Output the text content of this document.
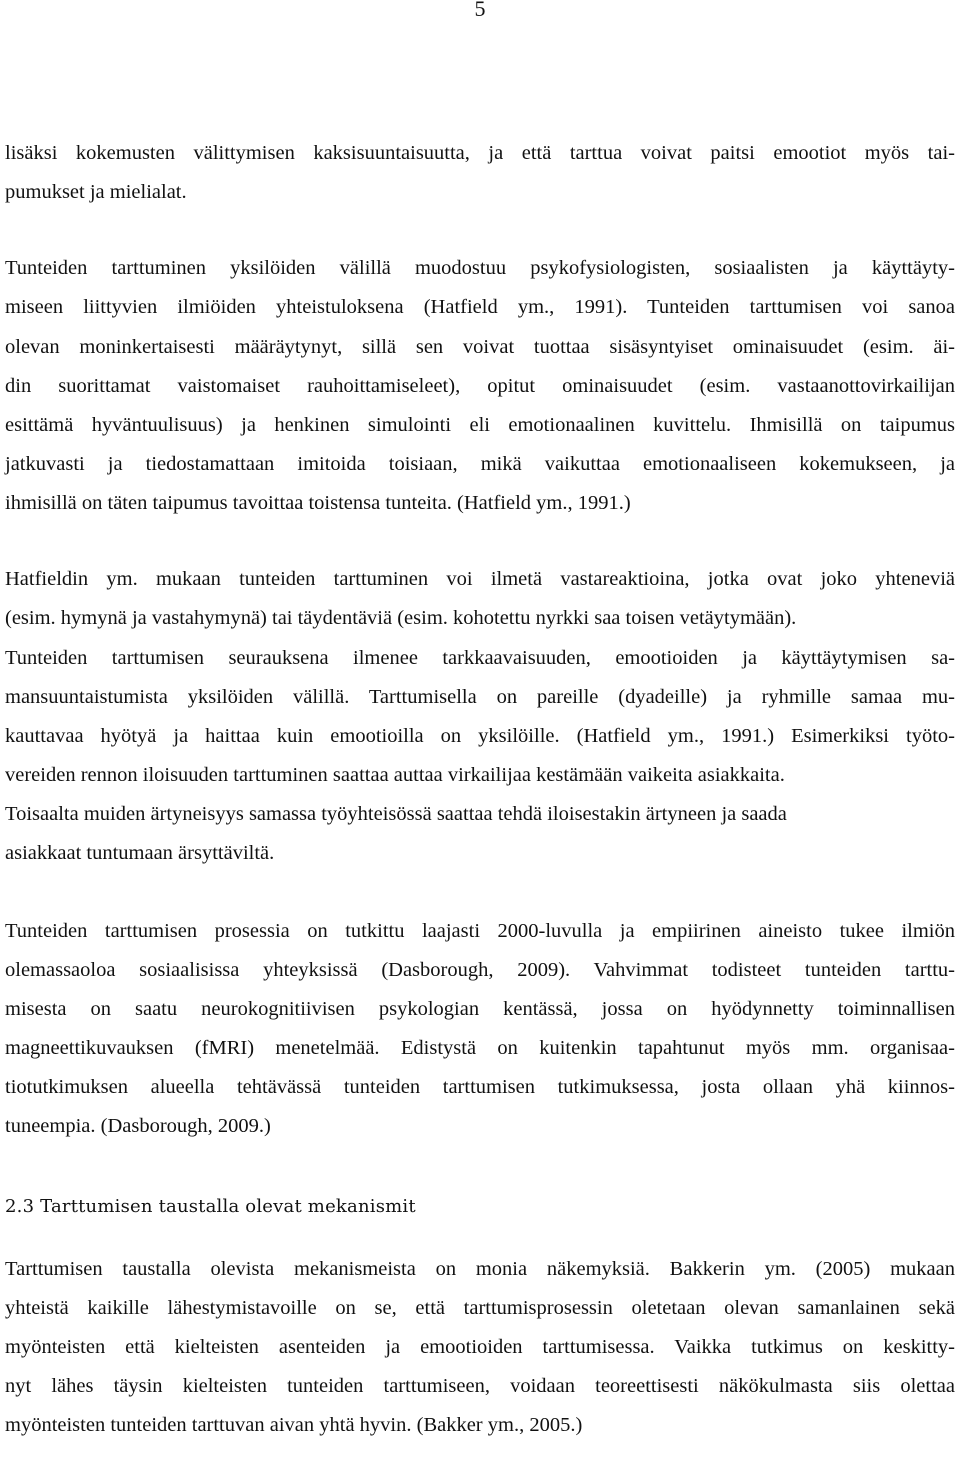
5
lisäksi kokemusten välittymisen kaksisuuntaisuutta, ja että tarttua voivat paitsi emootiot myös tai-
pumukset ja mielialat.
Tunteiden tarttuminen yksilöiden välillä muodostuu psykofysiologisten, sosiaalisten ja käyttäyty-
miseen liittyvien ilmiöiden yhteistuloksena (Hatfield ym., 1991). Tunteiden tarttumisen voi sanoa
olevan moninkertaisesti määräytynyt, sillä sen voivat tuottaa sisäsyntyiset ominaisuudet (esim. äi-
din suorittamat vaistomaiset rauhoittamiseleet), opitut ominaisuudet (esim. vastaanottovirkailijan
esittämä hyväntuulisuus) ja henkinen simulointi eli emotionaalinen kuvittelu. Ihmisillä on taipumus
jatkuvasti ja tiedostamattaan imitoida toisiaan, mikä vaikuttaa emotionaaliseen kokemukseen, ja
ihmisillä on täten taipumus tavoittaa toistensa tunteita. (Hatfield ym., 1991.)
Hatfieldin ym. mukaan tunteiden tarttuminen voi ilmetä vastareaktioina, jotka ovat joko yhteneviä
(esim. hymynä ja vastahymynä) tai täydentäviä (esim. kohotettu nyrkki saa toisen vetäytymään).
Tunteiden tarttumisen seurauksena ilmenee tarkkaavaisuuden, emootioiden ja käyttäytymisen sa-
mansuuntaistumista yksilöiden välillä. Tarttumisella on pareille (dyadeille) ja ryhmille samaa mu-
kauttavaa hyötyä ja haittaa kuin emootioilla on yksilöille. (Hatfield ym., 1991.) Esimerkiksi työto-
vereiden rennon iloisuuden tarttuminen saattaa auttaa virkailijaa kestämään vaikeita asiakkaita.
Toisaalta muiden ärtyneisyys samassa työyhteisössä saattaa tehdä iloisestakin ärtyneen ja saada
asiakkaat tuntumaan ärsyttäviltä.
Tunteiden tarttumisen prosessia on tutkittu laajasti 2000-luvulla ja empiirinen aineisto tukee ilmiön
olemassaoloa sosiaalisissa yhteyksissä (Dasborough, 2009). Vahvimmat todisteet tunteiden tarttu-
misesta on saatu neurokognitiivisen psykologian kentässä, jossa on hyödynnetty toiminnallisen
magneettikuvauksen (fMRI) menetelmää. Edistystä on kuitenkin tapahtunut myös mm. organisaa-
tiotutkimuksen alueella tehtävässä tunteiden tarttumisen tutkimuksessa, josta ollaan yhä kiinnos-
tuneempia. (Dasborough, 2009.)
2.3 Tarttumisen taustalla olevat mekanismit
Tarttumisen taustalla olevista mekanismeista on monia näkemyksiä. Bakkerin ym. (2005) mukaan
yhteistä kaikille lähestymistavoille on se, että tarttumisprosessin oletetaan olevan samanlainen sekä
myönteisten että kielteisten asenteiden ja emootioiden tarttumisessa. Vaikka tutkimus on keskitty-
nyt lähes täysin kielteisten tunteiden tarttumiseen, voidaan teoreettisesti näkökulmasta siis olettaa
myönteisten tunteiden tarttuvan aivan yhtä hyvin. (Bakker ym., 2005.)
